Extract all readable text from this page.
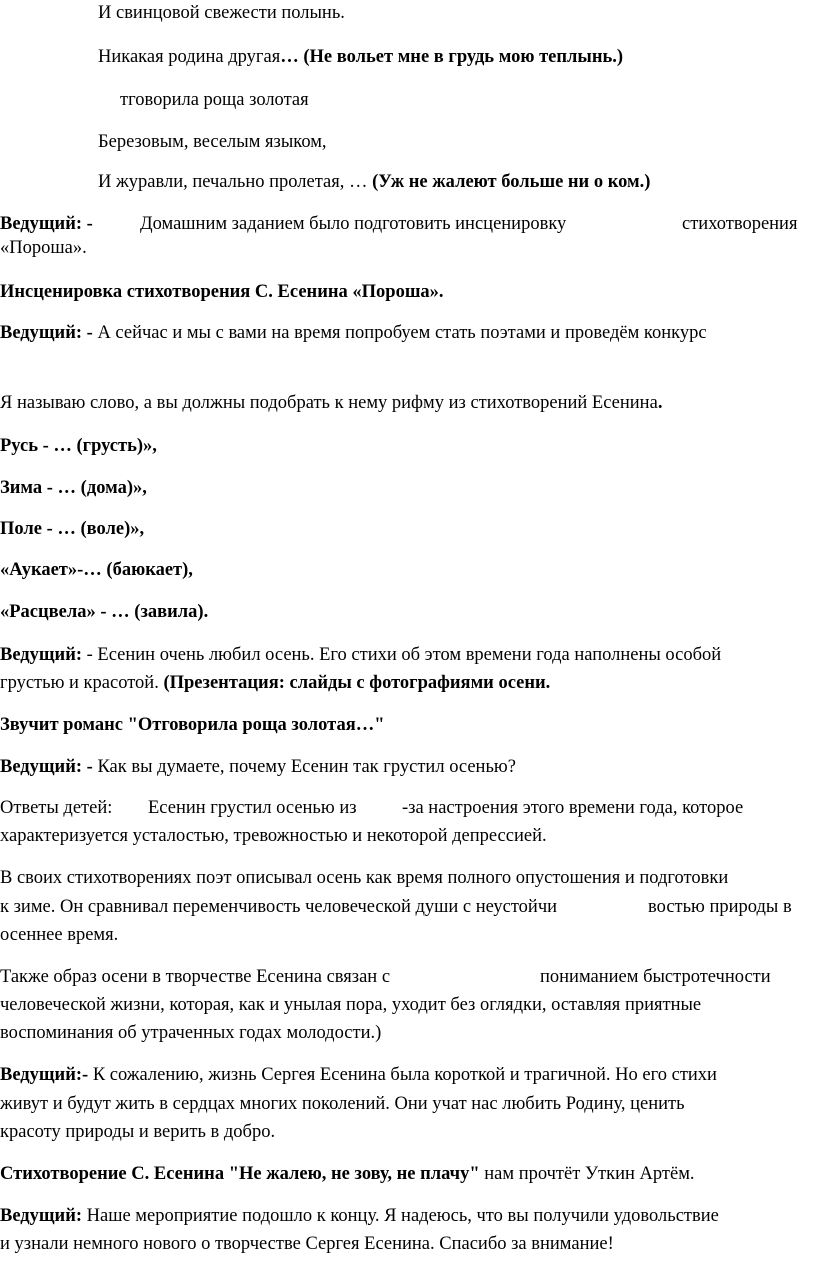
И свинцовой свежести полынь.
Никакая родина другая… (Не вольет мне в грудь мою теплынь.)
тговорила роща золотая
Березовым, веселым языком,
И журавли, печально пролетая, … (Уж не жалеют больше ни о ком.)
Ведущий: -	Домашним заданием было подготовить инсценировку	стихотворения
«Пороша».
Инсценировка стихотворения С. Есенина «Пороша».
Ведущий: - А сейчас и мы с вами на время попробуем стать поэтами и проведём конкурс
Я называю слово, а вы должны подобрать к нему рифму из стихотворений Есенина.
Русь - … (грусть)»,
Зима - … (дома)»,
Поле - … (воле)»,
«Аукает»-… (баюкает),
«Расцвела» - … (завила).
Ведущий: - Есенин очень любил осень. Его стихи об этом времени года наполнены особой
грустью и красотой. (Презентация: слайды с фотографиями осени.
Звучит романс "Отговорила роща золотая…"
Ведущий: - Как вы думаете, почему Есенин так грустил осенью?
Ответы детей: Есенин грустил осенью из -за настроения этого времени года, которое
характеризуется усталостью, тревожностью и некоторой депрессией.
В своих стихотворениях поэт описывал осень как время полного опустошения и подготовки
к зиме. Он сравнивал переменчивость человеческой души с неустойчи	востью природы в
осеннее время.
Также образ осени в творчестве Есенина связан с	пониманием быстротечности
человеческой жизни, которая, как и унылая пора, уходит без оглядки, оставляя приятные
воспоминания об утраченных годах молодости.)
Ведущий:- К сожалению, жизнь Сергея Есенина была короткой и трагичной. Но его стихи
живут и будут жить в сердцах многих поколений. Они учат нас любить Родину, ценить
красоту природы и верить в добро.
Стихотворение С. Есенина "Не жалею, не зову, не плачу" нам прочтёт Уткин Артём.
Ведущий: Наше мероприятие подошло к концу. Я надеюсь, что вы получили удовольствие
и узнали немного нового о творчестве Сергея Есенина. Спасибо за внимание!
